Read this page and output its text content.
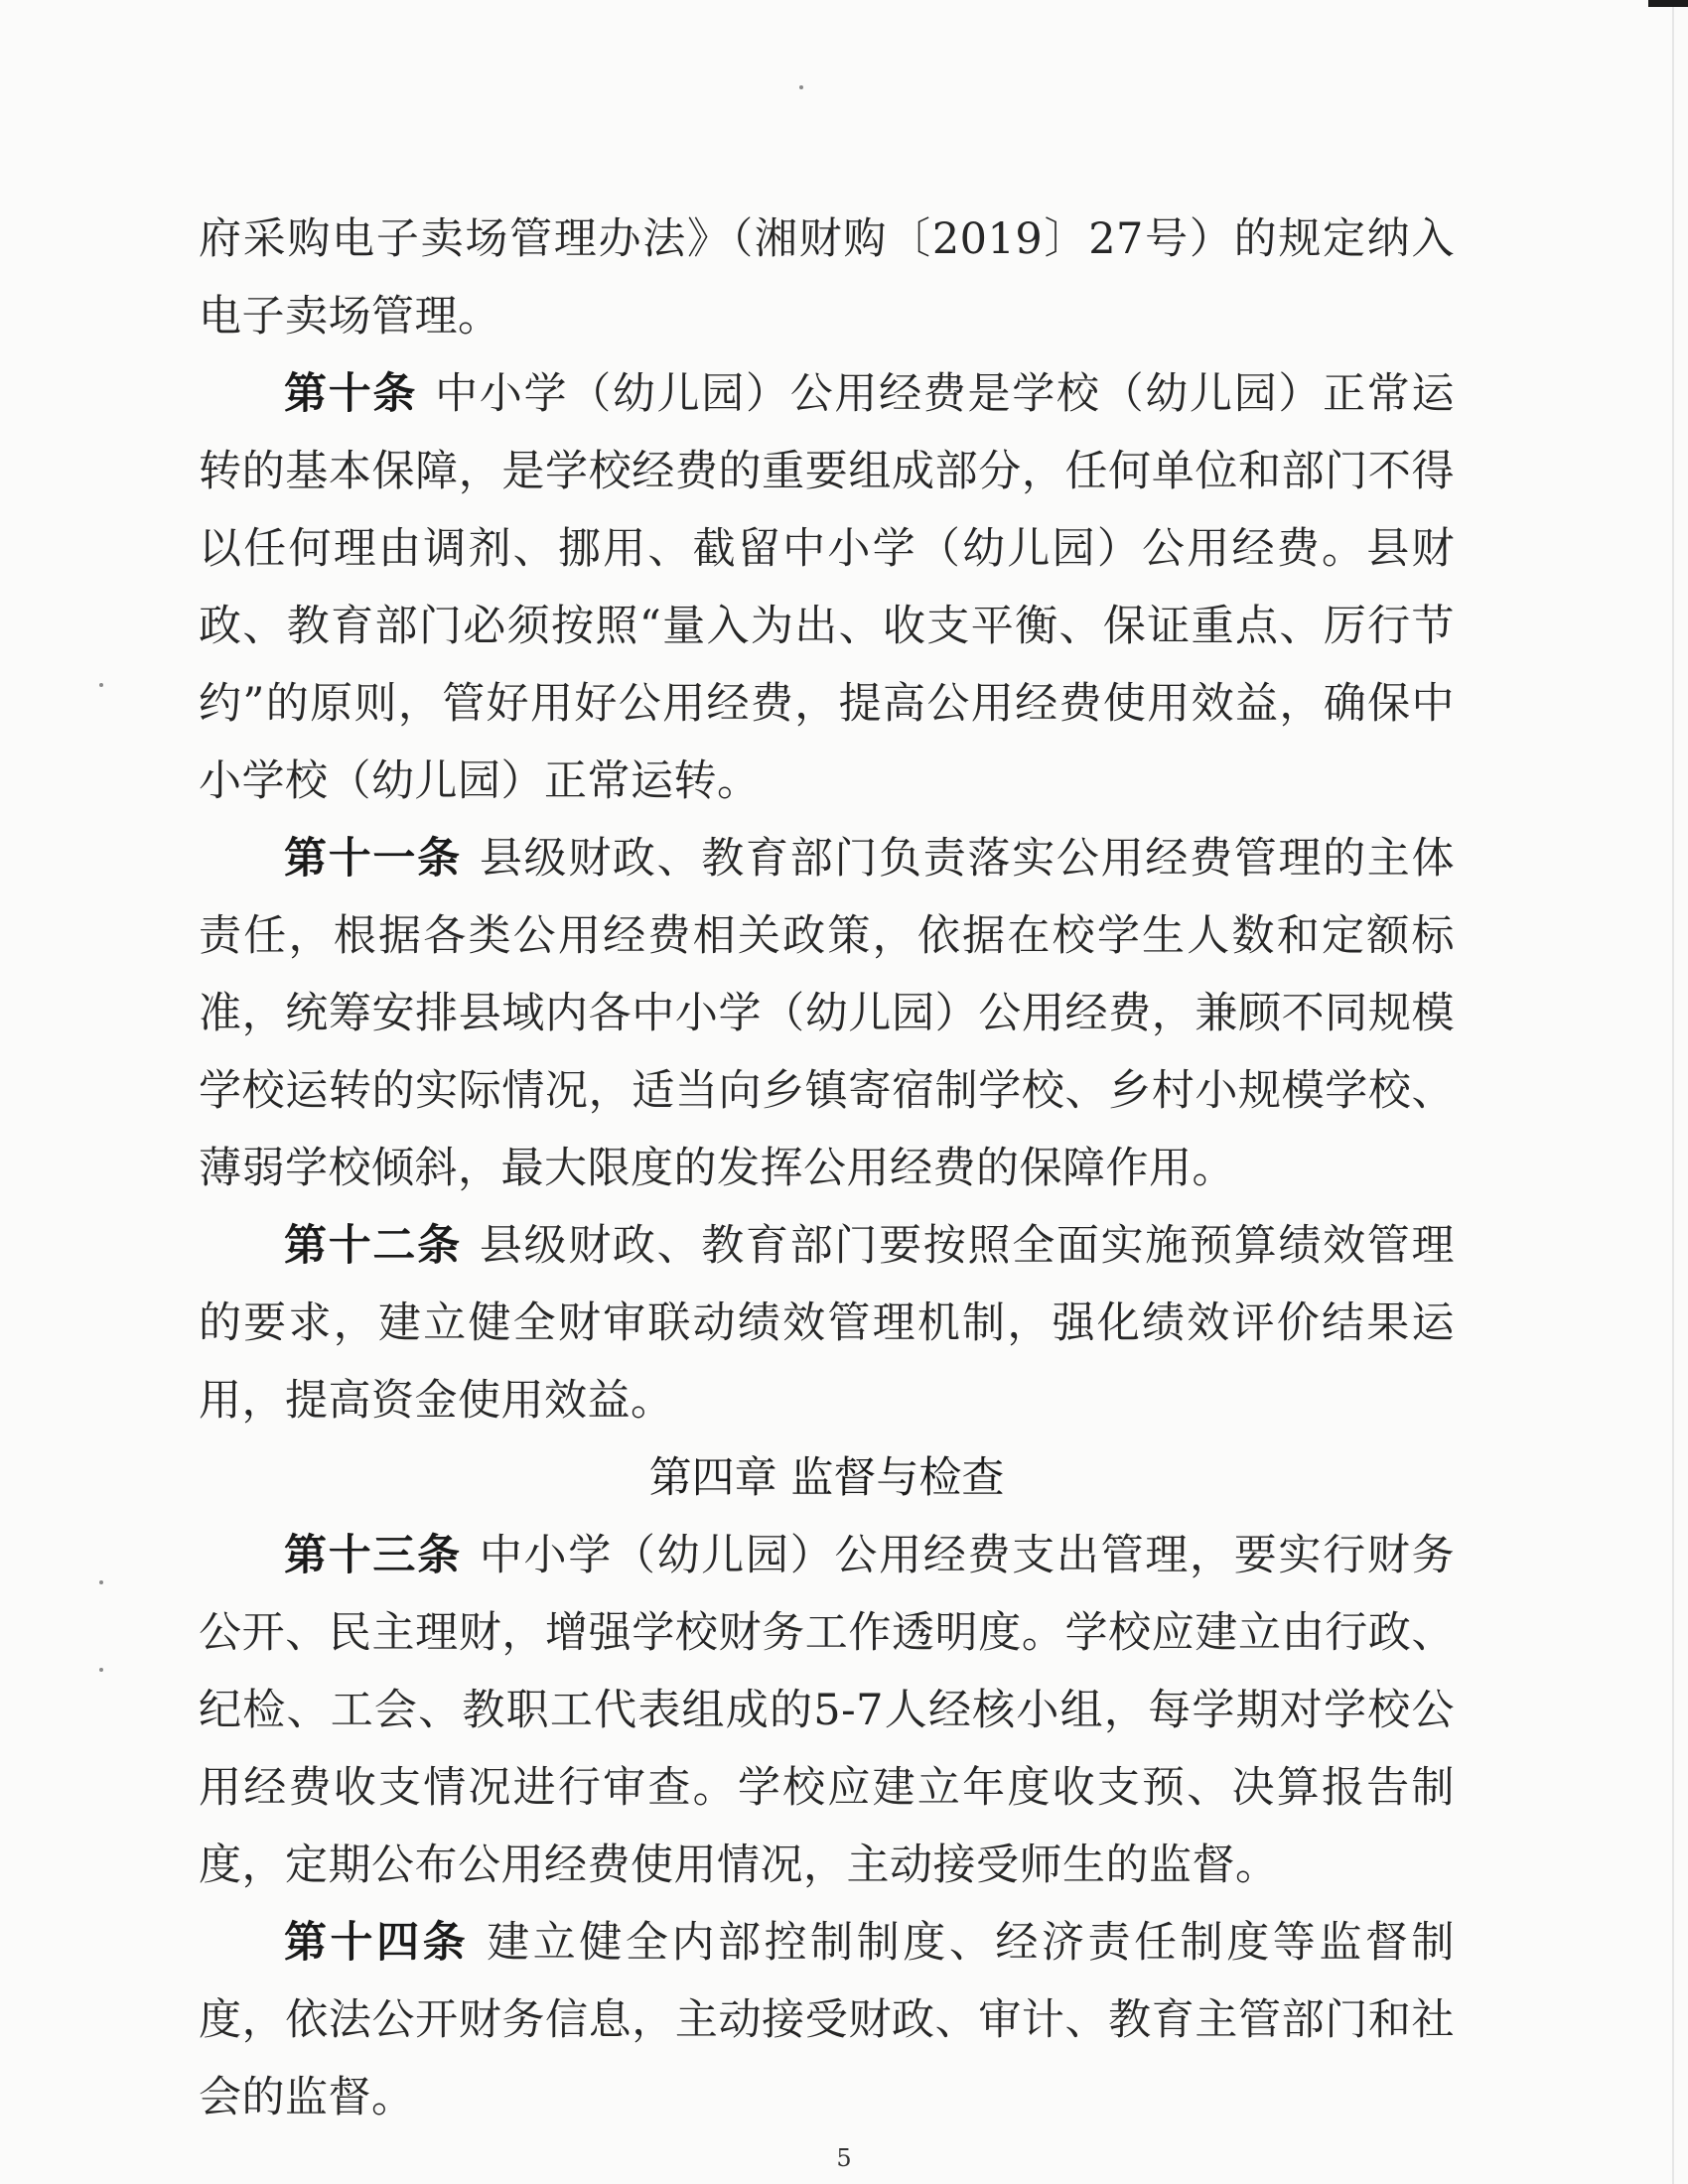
府采购电子卖场管理办法》（湘财购〔2019〕27号）的规定纳入电子卖场管理。

第十条 中小学（幼儿园）公用经费是学校（幼儿园）正常运转的基本保障，是学校经费的重要组成部分，任何单位和部门不得以任何理由调剂、挪用、截留中小学（幼儿园）公用经费。县财政、教育部门必须按照“量入为出、收支平衡、保证重点、厉行节约”的原则，管好用好公用经费，提高公用经费使用效益，确保中小学校（幼儿园）正常运转。

第十一条 县级财政、教育部门负责落实公用经费管理的主体责任，根据各类公用经费相关政策，依据在校学生人数和定额标准，统筹安排县域内各中小学（幼儿园）公用经费，兼顾不同规模学校运转的实际情况，适当向乡镇寄宿制学校、乡村小规模学校、薄弱学校倾斜，最大限度的发挥公用经费的保障作用。

第十二条 县级财政、教育部门要按照全面实施预算绩效管理的要求，建立健全财审联动绩效管理机制，强化绩效评价结果运用，提高资金使用效益。

第四章 监督与检查

第十三条 中小学（幼儿园）公用经费支出管理，要实行财务公开、民主理财，增强学校财务工作透明度。学校应建立由行政、纪检、工会、教职工代表组成的5-7人经核小组，每学期对学校公用经费收支情况进行审查。学校应建立年度收支预、决算报告制度，定期公布公用经费使用情况，主动接受师生的监督。

第十四条 建立健全内部控制制度、经济责任制度等监督制度，依法公开财务信息，主动接受财政、审计、教育主管部门和社会的监督。

5
